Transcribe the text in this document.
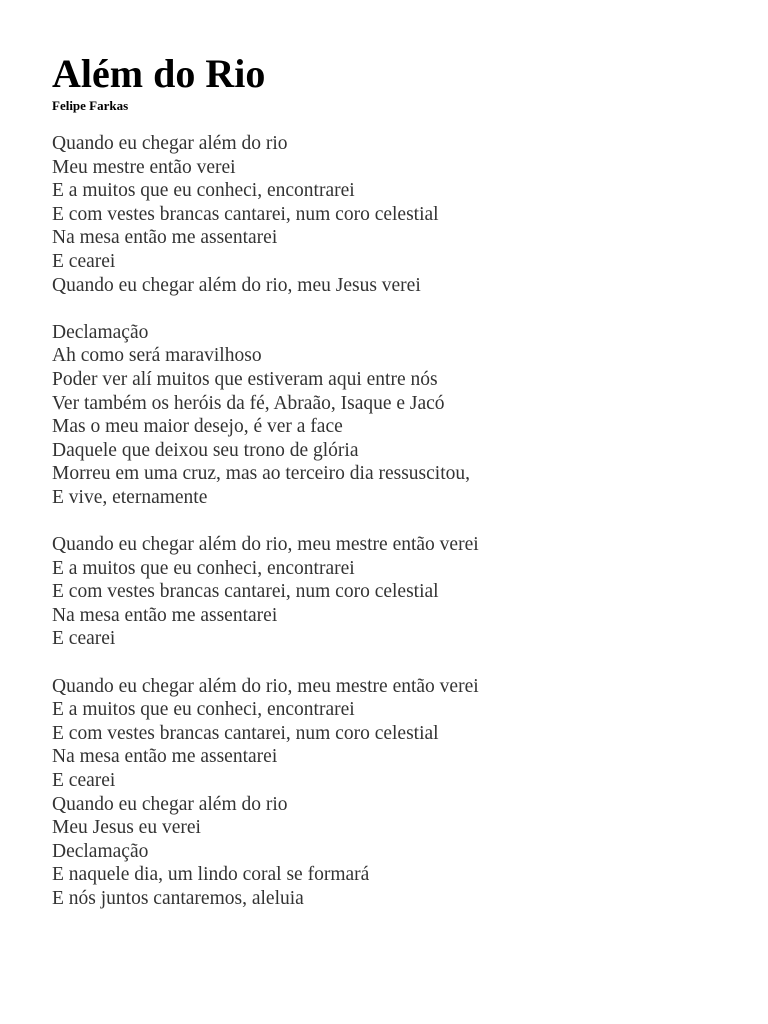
Além do Rio
Felipe Farkas
Quando eu chegar além do rio
Meu mestre então verei
E a muitos que eu conheci, encontrarei
E com vestes brancas cantarei, num coro celestial
Na mesa então me assentarei
E cearei
Quando eu chegar além do rio, meu Jesus verei
Declamação
Ah como será maravilhoso
Poder ver alí muitos que estiveram aqui entre nós
Ver também os heróis da fé, Abraão, Isaque e Jacó
Mas o meu maior desejo, é ver a face
Daquele que deixou seu trono de glória
Morreu em uma cruz, mas ao terceiro dia ressuscitou,
E vive, eternamente
Quando eu chegar além do rio, meu mestre então verei
E a muitos que eu conheci, encontrarei
E com vestes brancas cantarei, num coro celestial
Na mesa então me assentarei
E cearei
Quando eu chegar além do rio, meu mestre então verei
E a muitos que eu conheci, encontrarei
E com vestes brancas cantarei, num coro celestial
Na mesa então me assentarei
E cearei
Quando eu chegar além do rio
Meu Jesus eu verei
Declamação
E naquele dia, um lindo coral se formará
E nós juntos cantaremos, aleluia
